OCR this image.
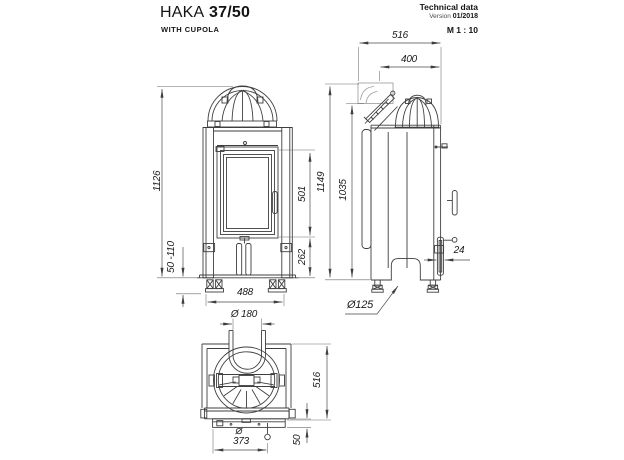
HAKA 37/50
WITH CUPOLA
Technical data
Version 01/2018
M 1 : 10
1126
50 -110
501
262
488
1149 1035
516
400
24
Ø125
Ø 180
516
373	50
